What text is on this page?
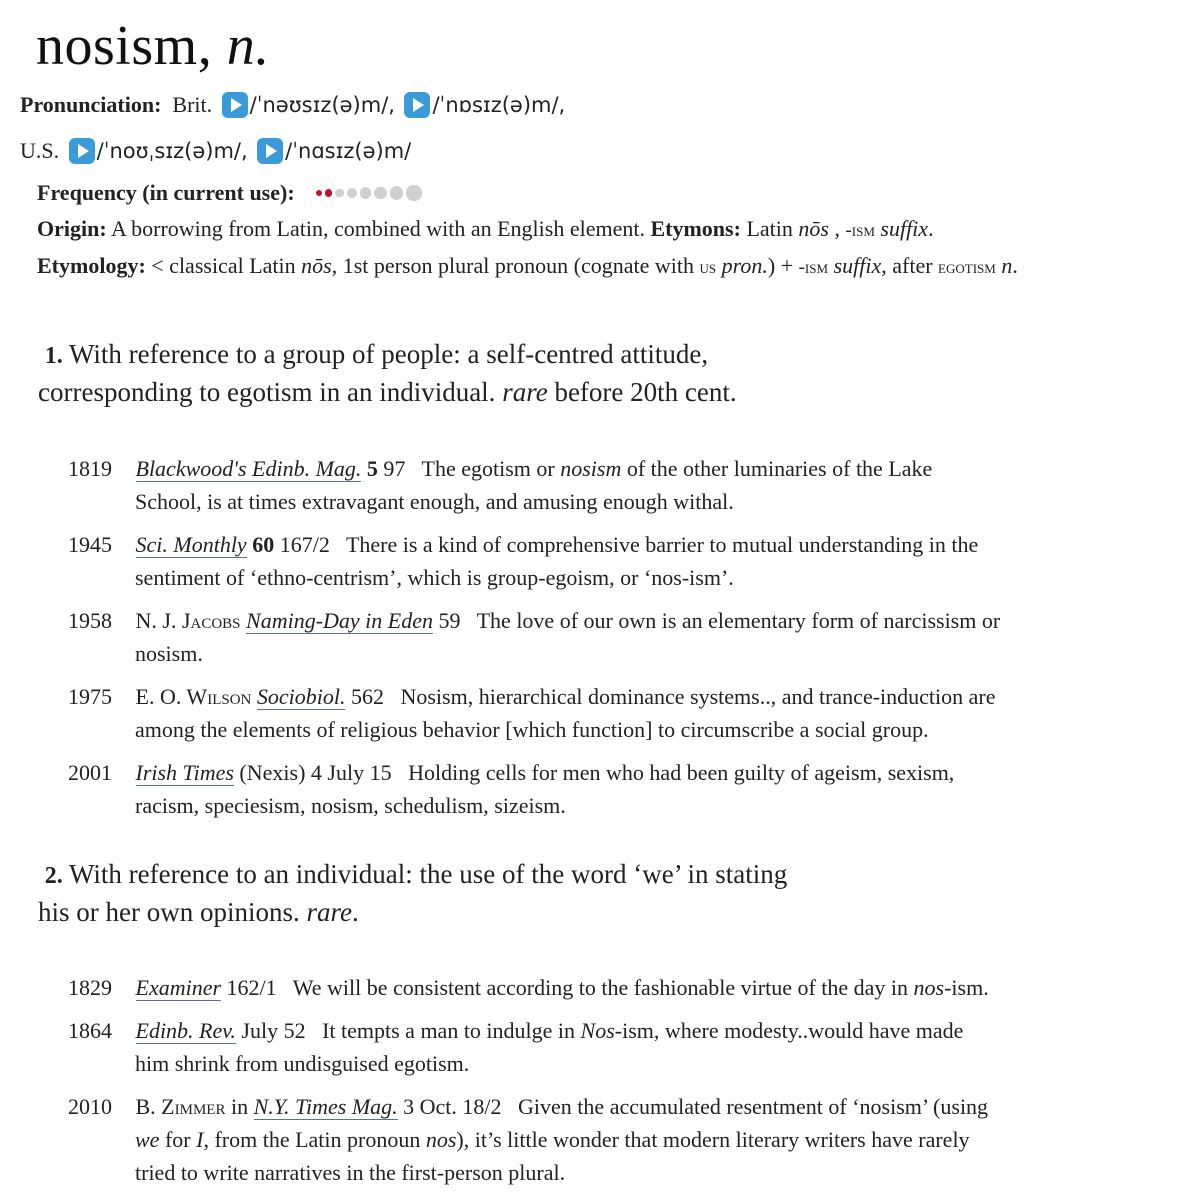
nosism, n.
Pronunciation: Brit. /ˈnəʊsɪz(ə)m/, /ˈnɒsɪz(ə)m/,
U.S. /ˈnoʊˌsɪz(ə)m/, /ˈnɑsɪz(ə)m/
Frequency (in current use):
Origin: A borrowing from Latin, combined with an English element. Etymons: Latin nōs , -ism suffix.
Etymology: < classical Latin nōs, 1st person plural pronoun (cognate with us pron.) + -ism suffix, after egotism n.
1. With reference to a group of people: a self-centred attitude,
corresponding to egotism in an individual. rare before 20th cent.
1819 Blackwood's Edinb. Mag. 5 97 The egotism or nosism of the other luminaries of the Lake
School, is at times extravagant enough, and amusing enough withal.
1945 Sci. Monthly 60 167/2 There is a kind of comprehensive barrier to mutual understanding in the
sentiment of ‘ethno-centrism’, which is group-egoism, or ‘nos-ism’.
1958 N. J. Jacobs Naming-Day in Eden 59 The love of our own is an elementary form of narcissism or
nosism.
1975 E. O. Wilson Sociobiol. 562 Nosism, hierarchical dominance systems.., and trance-induction are
among the elements of religious behavior [which function] to circumscribe a social group.
2001 Irish Times (Nexis) 4 July 15 Holding cells for men who had been guilty of ageism, sexism,
racism, speciesism, nosism, schedulism, sizeism.
2. With reference to an individual: the use of the word ‘we’ in stating
his or her own opinions. rare.
1829 Examiner 162/1 We will be consistent according to the fashionable virtue of the day in nos-ism.
1864 Edinb. Rev. July 52 It tempts a man to indulge in Nos-ism, where modesty..would have made
him shrink from undisguised egotism.
2010 B. Zimmer in N.Y. Times Mag. 3 Oct. 18/2 Given the accumulated resentment of ‘nosism’ (using
we for I, from the Latin pronoun nos), it’s little wonder that modern literary writers have rarely
tried to write narratives in the first-person plural.
